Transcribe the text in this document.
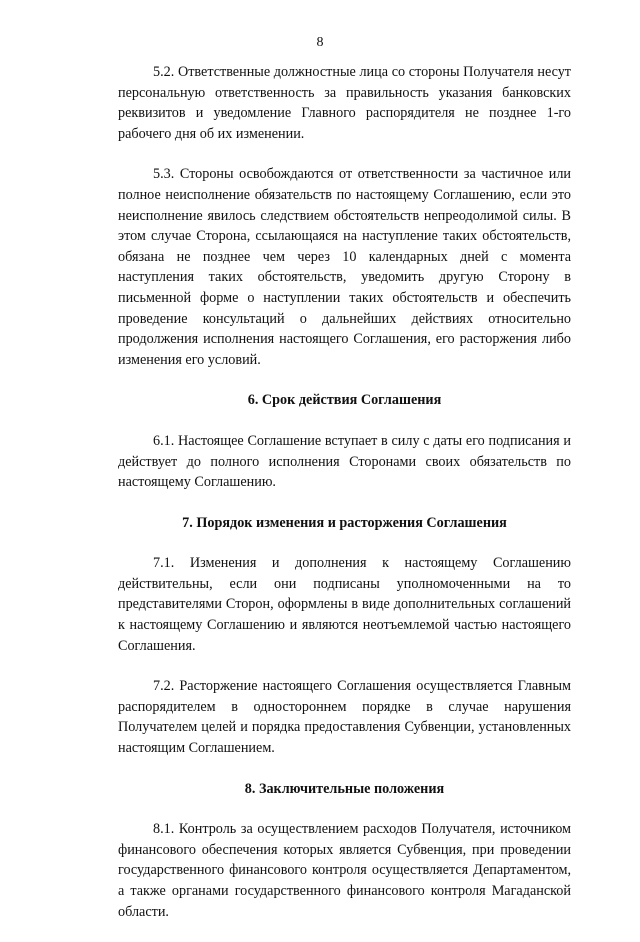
8

5.2. Ответственные должностные лица со стороны Получателя несут персональную ответственность за правильность указания банковских реквизитов и уведомление Главного распорядителя не позднее 1-го рабочего дня об их изменении.

5.3. Стороны освобождаются от ответственности за частичное или полное неисполнение обязательств по настоящему Соглашению, если это неисполнение явилось следствием обстоятельств непреодолимой силы. В этом случае Сторона, ссылающаяся на наступление таких обстоятельств, обязана не позднее чем через 10 календарных дней с момента наступления таких обстоятельств, уведомить другую Сторону в письменной форме о наступлении таких обстоятельств и обеспечить проведение консультаций о дальнейших действиях относительно продолжения исполнения настоящего Соглашения, его расторжения либо изменения его условий.

6. Срок действия Соглашения

6.1. Настоящее Соглашение вступает в силу с даты его подписания и действует до полного исполнения Сторонами своих обязательств по настоящему Соглашению.

7. Порядок изменения и расторжения Соглашения

7.1. Изменения и дополнения к настоящему Соглашению действительны, если они подписаны уполномоченными на то представителями Сторон, оформлены в виде дополнительных соглашений к настоящему Соглашению и являются неотъемлемой частью настоящего Соглашения.

7.2. Расторжение настоящего Соглашения осуществляется Главным распорядителем в одностороннем порядке в случае нарушения Получателем целей и порядка предоставления Субвенции, установленных настоящим Соглашением.

8. Заключительные положения

8.1. Контроль за осуществлением расходов Получателя, источником финансового обеспечения которых является Субвенция, при проведении государственного финансового контроля осуществляется Департаментом, а также органами государственного финансового контроля Магаданской области.
